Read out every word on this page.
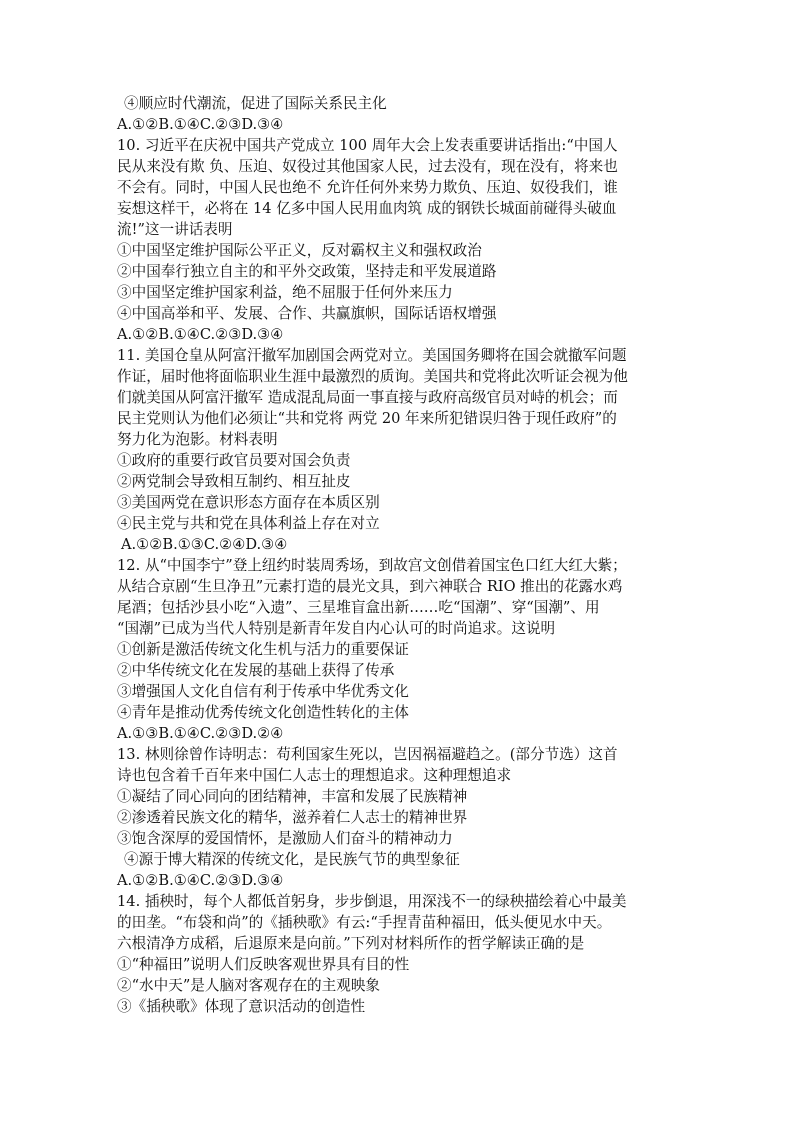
④顺应时代潮流，促进了国际关系民主化
A.①②B.①④C.②③D.③④
10. 习近平在庆祝中国共产党成立 100 周年大会上发表重要讲话指出:“中国人
民从来没有欺 负、压迫、奴役过其他国家人民，过去没有，现在没有，将来也
不会有。同时，中国人民也绝不 允许任何外来势力欺负、压迫、奴役我们，谁
妄想这样干，必将在 14 亿多中国人民用血肉筑 成的钢铁长城面前碰得头破血
流!”这一讲话表明
①中国坚定维护国际公平正义，反对霸权主义和强权政治
②中国奉行独立自主的和平外交政策，坚持走和平发展道路
③中国坚定维护国家利益，绝不屈服于任何外来压力
④中国高举和平、发展、合作、共赢旗帜，国际话语权增强
A.①②B.①④C.②③D.③④
11. 美国仓皇从阿富汗撤军加剧国会两党对立。美国国务卿将在国会就撤军问题
作证，届时他将面临职业生涯中最激烈的质询。美国共和党将此次听证会视为他
们就美国从阿富汗撤军 造成混乱局面一事直接与政府高级官员对峙的机会；而
民主党则认为他们必须让“共和党将 两党 20 年来所犯错误归咎于现任政府”的
努力化为泡影。材料表明
①政府的重要行政官员要对国会负责
②两党制会导致相互制约、相互扯皮
③美国两党在意识形态方面存在本质区别
④民主党与共和党在具体利益上存在对立
A.①②B.①③C.②④D.③④
12. 从“中国李宁”登上纽约时装周秀场，到故宫文创借着国宝色口红大红大紫；
从结合京剧“生旦净丑”元素打造的晨光文具，到六神联合 RIO 推出的花露水鸡
尾酒；包括沙县小吃“入遗”、三星堆盲盒出新……吃“国潮”、穿“国潮”、用
“国潮”已成为当代人特别是新青年发自内心认可的时尚追求。这说明
①创新是激活传统文化生机与活力的重要保证
②中华传统文化在发展的基础上获得了传承
③增强国人文化自信有利于传承中华优秀文化
④青年是推动优秀传统文化创造性转化的主体
A.①③B.①④C.②③D.②④
13. 林则徐曾作诗明志：苟利国家生死以，岂因祸福避趋之。(部分节选）这首
诗也包含着千百年来中国仁人志士的理想追求。这种理想追求
①凝结了同心同向的团结精神，丰富和发展了民族精神
②渗透着民族文化的精华，滋养着仁人志士的精神世界
③饱含深厚的爱国情怀，是激励人们奋斗的精神动力
④源于博大精深的传统文化，是民族气节的典型象征
A.①②B.①④C.②③D.③④
14. 插秧时，每个人都低首躬身，步步倒退，用深浅不一的绿秧描绘着心中最美
的田垄。“布袋和尚”的《插秧歌》有云:“手捏青苗种福田，低头便见水中天。
六根清净方成稻，后退原来是向前。”下列对材料所作的哲学解读正确的是
①“种福田”说明人们反映客观世界具有目的性
②“水中天”是人脑对客观存在的主观映象
③《插秧歌》体现了意识活动的创造性
